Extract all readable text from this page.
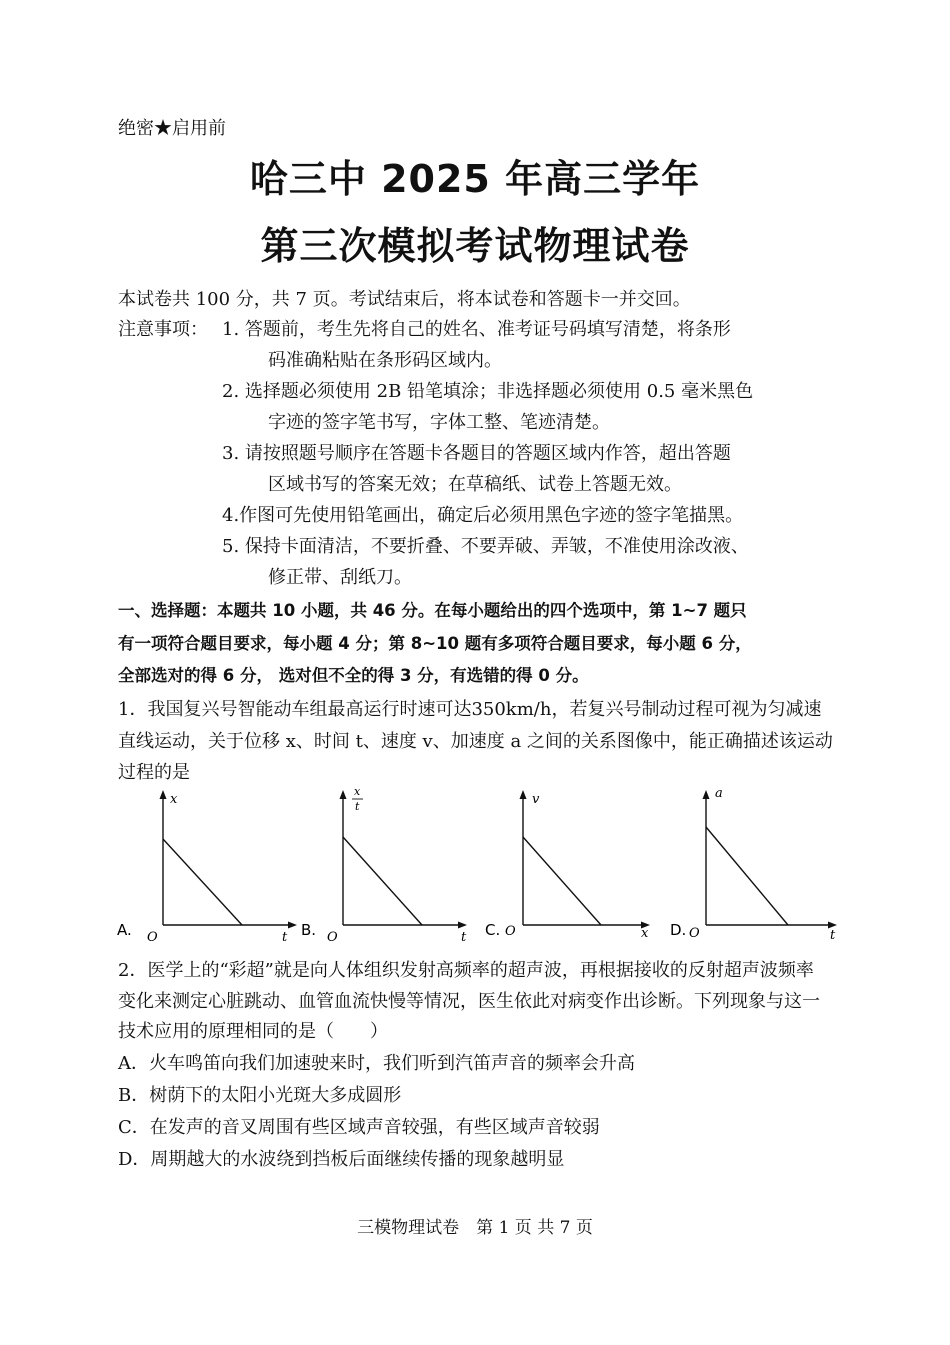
绝密★启用前
哈三中 2025 年高三学年
第三次模拟考试物理试卷
本试卷共 100 分，共 7 页。考试结束后，将本试卷和答题卡一并交回。
注意事项： 1. 答题前，考生先将自己的姓名、准考证号码填写清楚，将条形
码准确粘贴在条形码区域内。
2. 选择题必须使用 2B 铅笔填涂；非选择题必须使用 0.5 毫米黑色
字迹的签字笔书写，字体工整、笔迹清楚。
3. 请按照题号顺序在答题卡各题目的答题区域内作答，超出答题
区域书写的答案无效；在草稿纸、试卷上答题无效。
4.作图可先使用铅笔画出，确定后必须用黑色字迹的签字笔描黑。
5. 保持卡面清洁，不要折叠、不要弄破、弄皱，不准使用涂改液、
修正带、刮纸刀。
一、选择题：本题共 10 小题，共 46 分。在每小题给出的四个选项中，第 1~7 题只
有一项符合题目要求，每小题 4 分；第 8~10 题有多项符合题目要求，每小题 6 分，
全部选对的得 6 分， 选对但不全的得 3 分，有选错的得 0 分。
1．我国复兴号智能动车组最高运行时速可达350km/h，若复兴号制动过程可视为匀减速
直线运动，关于位移 x、时间 t、速度 v、加速度 a 之间的关系图像中，能正确描述该运动
过程的是
x
t
O
A.
x
t
t
O
B.
v
x
O
C.
a
t
O
D.
2．医学上的“彩超”就是向人体组织发射高频率的超声波，再根据接收的反射超声波频率
变化来测定心脏跳动、血管血流快慢等情况，医生依此对病变作出诊断。下列现象与这一
技术应用的原理相同的是（　　）
A．火车鸣笛向我们加速驶来时，我们听到汽笛声音的频率会升高
B．树荫下的太阳小光斑大多成圆形
C．在发声的音叉周围有些区域声音较强，有些区域声音较弱
D．周期越大的水波绕到挡板后面继续传播的现象越明显
三模物理试卷　第 1 页 共 7 页
